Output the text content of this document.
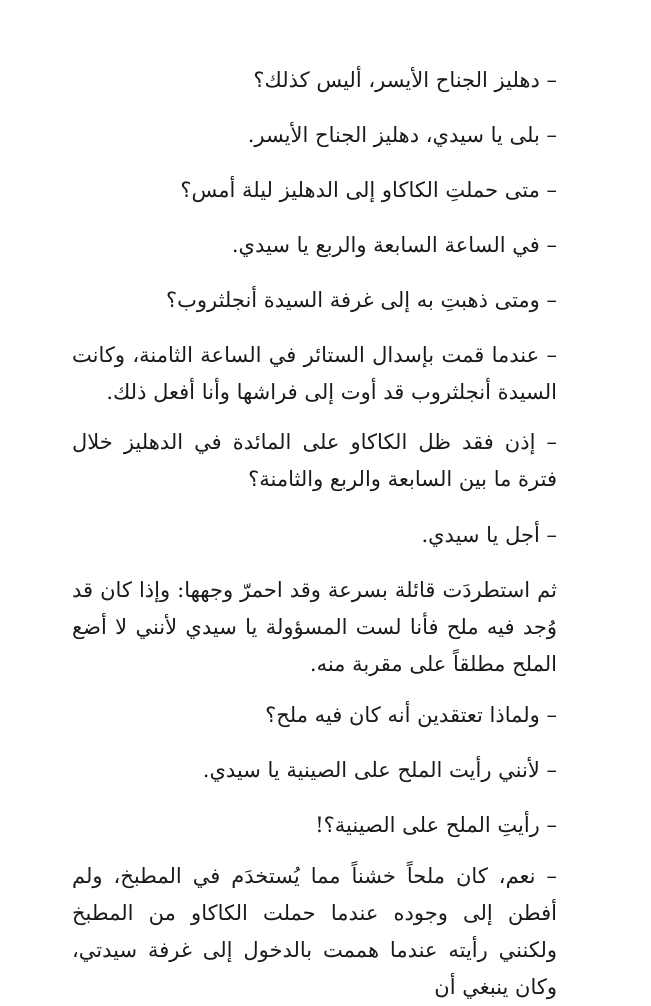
– دهليز الجناح الأيسر، أليس كذلك؟

– بلى يا سيدي، دهليز الجناح الأيسر.

– متى حملتِ الكاكاو إلى الدهليز ليلة أمس؟

– في الساعة السابعة والربع يا سيدي.

– ومتى ذهبتِ به إلى غرفة السيدة أنجلثروب؟

– عندما قمت بإسدال الستائر في الساعة الثامنة، وكانت السيدة أنجلثروب قد أوت إلى فراشها وأنا أفعل ذلك.

– إذن فقد ظل الكاكاو على المائدة في الدهليز خلال فترة ما بين السابعة والربع والثامنة؟

– أجل يا سيدي.

ثم استطردَت قائلة بسرعة وقد احمرّ وجهها: وإذا كان قد وُجد فيه ملح فأنا لست المسؤولة يا سيدي لأنني لا أضع الملح مطلقاً على مقربة منه.

– ولماذا تعتقدين أنه كان فيه ملح؟

– لأنني رأيت الملح على الصينية يا سيدي.

– رأيتِ الملح على الصينية؟!

– نعم، كان ملحاً خشناً مما يُستخدَم في المطبخ، ولم أفطن إلى وجوده عندما حملت الكاكاو من المطبخ ولكنني رأيته عندما هممت بالدخول إلى غرفة سيدتي، وكان ينبغي أن
